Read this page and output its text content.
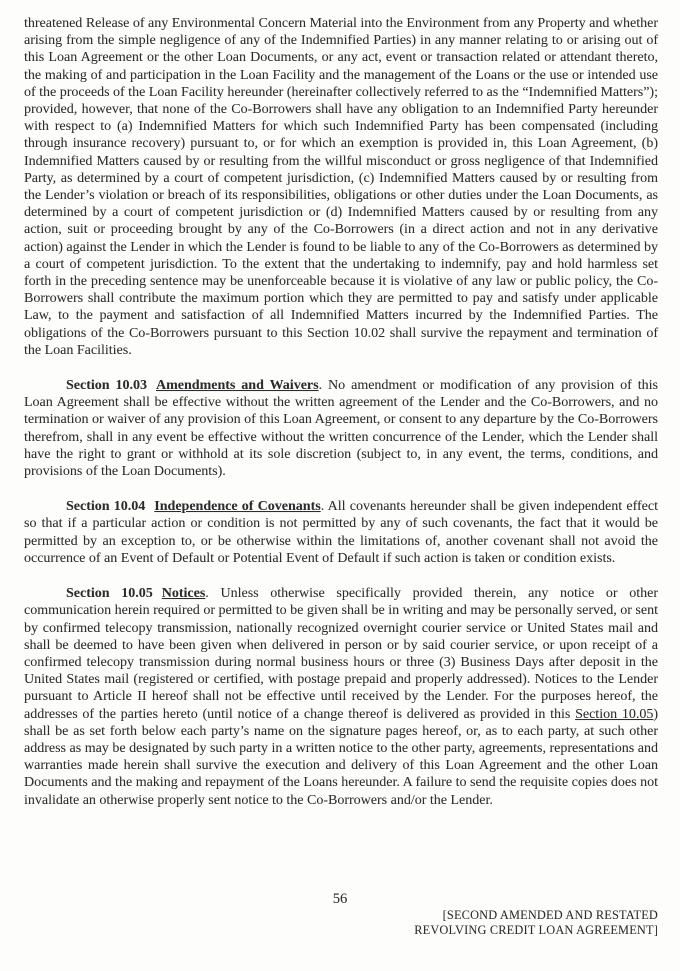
threatened Release of any Environmental Concern Material into the Environment from any Property and whether arising from the simple negligence of any of the Indemnified Parties) in any manner relating to or arising out of this Loan Agreement or the other Loan Documents, or any act, event or transaction related or attendant thereto, the making of and participation in the Loan Facility and the management of the Loans or the use or intended use of the proceeds of the Loan Facility hereunder (hereinafter collectively referred to as the “Indemnified Matters”); provided, however, that none of the Co-Borrowers shall have any obligation to an Indemnified Party hereunder with respect to (a) Indemnified Matters for which such Indemnified Party has been compensated (including through insurance recovery) pursuant to, or for which an exemption is provided in, this Loan Agreement, (b) Indemnified Matters caused by or resulting from the willful misconduct or gross negligence of that Indemnified Party, as determined by a court of competent jurisdiction, (c) Indemnified Matters caused by or resulting from the Lender’s violation or breach of its responsibilities, obligations or other duties under the Loan Documents, as determined by a court of competent jurisdiction or (d) Indemnified Matters caused by or resulting from any action, suit or proceeding brought by any of the Co-Borrowers (in a direct action and not in any derivative action) against the Lender in which the Lender is found to be liable to any of the Co-Borrowers as determined by a court of competent jurisdiction. To the extent that the undertaking to indemnify, pay and hold harmless set forth in the preceding sentence may be unenforceable because it is violative of any law or public policy, the Co-Borrowers shall contribute the maximum portion which they are permitted to pay and satisfy under applicable Law, to the payment and satisfaction of all Indemnified Matters incurred by the Indemnified Parties. The obligations of the Co-Borrowers pursuant to this Section 10.02 shall survive the repayment and termination of the Loan Facilities.

Section 10.03 Amendments and Waivers. No amendment or modification of any provision of this Loan Agreement shall be effective without the written agreement of the Lender and the Co-Borrowers, and no termination or waiver of any provision of this Loan Agreement, or consent to any departure by the Co-Borrowers therefrom, shall in any event be effective without the written concurrence of the Lender, which the Lender shall have the right to grant or withhold at its sole discretion (subject to, in any event, the terms, conditions, and provisions of the Loan Documents).

Section 10.04 Independence of Covenants. All covenants hereunder shall be given independent effect so that if a particular action or condition is not permitted by any of such covenants, the fact that it would be permitted by an exception to, or be otherwise within the limitations of, another covenant shall not avoid the occurrence of an Event of Default or Potential Event of Default if such action is taken or condition exists.

Section 10.05 Notices. Unless otherwise specifically provided therein, any notice or other communication herein required or permitted to be given shall be in writing and may be personally served, or sent by confirmed telecopy transmission, nationally recognized overnight courier service or United States mail and shall be deemed to have been given when delivered in person or by said courier service, or upon receipt of a confirmed telecopy transmission during normal business hours or three (3) Business Days after deposit in the United States mail (registered or certified, with postage prepaid and properly addressed). Notices to the Lender pursuant to Article II hereof shall not be effective until received by the Lender. For the purposes hereof, the addresses of the parties hereto (until notice of a change thereof is delivered as provided in this Section 10.05) shall be as set forth below each party’s name on the signature pages hereof, or, as to each party, at such other address as may be designated by such party in a written notice to the other party, agreements, representations and warranties made herein shall survive the execution and delivery of this Loan Agreement and the other Loan Documents and the making and repayment of the Loans hereunder. A failure to send the requisite copies does not invalidate an otherwise properly sent notice to the Co-Borrowers and/or the Lender.

56
[SECOND AMENDED AND RESTATED
REVOLVING CREDIT LOAN AGREEMENT]
